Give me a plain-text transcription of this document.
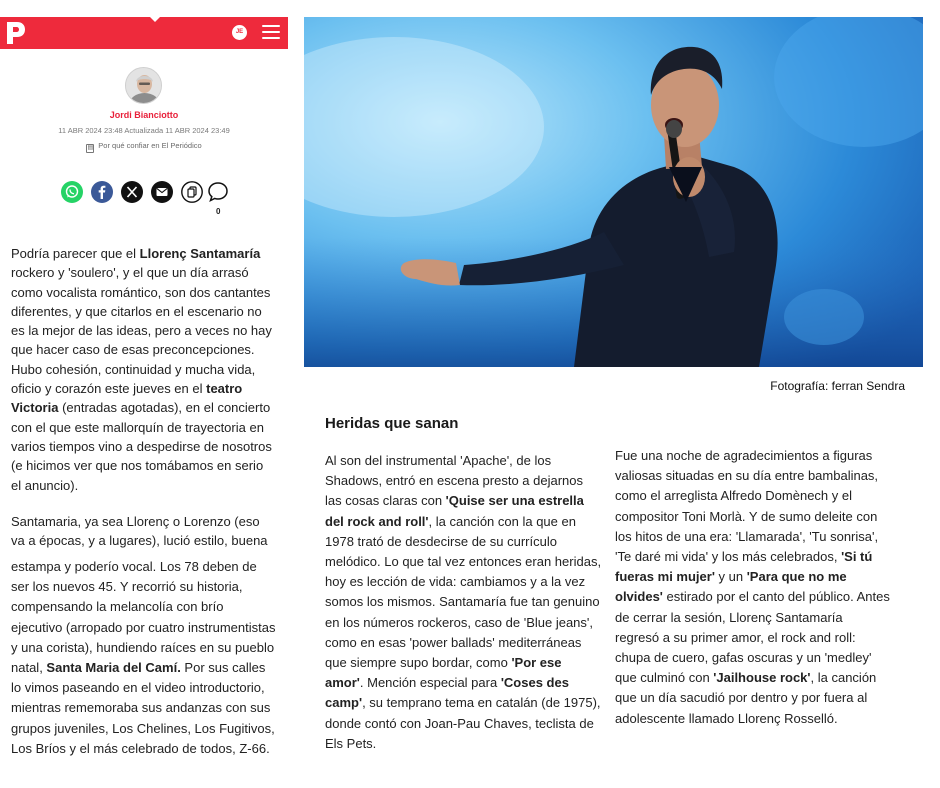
JE
Jordi Bianciotto
11 ABR 2024 23:48 Actualizada 11 ABR 2024 23:49
▤ Por qué confiar en El Periódico
0
Podría parecer que el Llorenç Santamaría rockero y 'soulero', y el que un día arrasó como vocalista romántico, son dos cantantes diferentes, y que citarlos en el escenario no es la mejor de las ideas, pero a veces no hay que hacer caso de esas preconcepciones. Hubo cohesión, continuidad y mucha vida, oficio y corazón este jueves en el teatro Victoria (entradas agotadas), en el concierto con el que este mallorquín de trayectoria en varios tiempos vino a despedirse de nosotros (e hicimos ver que nos tomábamos en serio el anuncio).
Santamaria, ya sea Llorenç o Lorenzo (eso va a épocas, y a lugares), lució estilo, buena
estampa y poderío vocal. Los 78 deben de ser los nuevos 45. Y recorrió su historia, compensando la melancolía con brío ejecutivo (arropado por cuatro instrumentistas y una corista), hundiendo raíces en su pueblo natal, Santa Maria del Camí. Por sus calles lo vimos paseando en el video introductorio, mientras rememoraba sus andanzas con sus grupos juveniles, Los Chelines, Los Fugitivos, Los Bríos y el más celebrado de todos, Z-66.
Fotografía: ferran Sendra
Heridas que sanan
Al son del instrumental 'Apache', de los Shadows, entró en escena presto a dejarnos las cosas claras con 'Quise ser una estrella del rock and roll', la canción con la que en 1978 trató de desdecirse de su currículo melódico. Lo que tal vez entonces eran heridas, hoy es lección de vida: cambiamos y a la vez somos los mismos. Santamaría fue tan genuino en los números rockeros, caso de 'Blue jeans', como en esas 'power ballads' mediterráneas que siempre supo bordar, como 'Por ese amor'. Mención especial para 'Coses des camp', su temprano tema en catalán (de 1975), donde contó con Joan-Pau Chaves, teclista de Els Pets.
Fue una noche de agradecimientos a figuras valiosas situadas en su día entre bambalinas, como el arreglista Alfredo Domènech y el compositor Toni Morlà. Y de sumo deleite con los hitos de una era: 'Llamarada', 'Tu sonrisa', 'Te daré mi vida' y los más celebrados, 'Si tú fueras mi mujer' y un 'Para que no me olvides' estirado por el canto del público. Antes de cerrar la sesión, Llorenç Santamaría regresó a su primer amor, el rock and roll: chupa de cuero, gafas oscuras y un 'medley' que culminó con 'Jailhouse rock', la canción que un día sacudió por dentro y por fuera al adolescente llamado Llorenç Rosselló.
